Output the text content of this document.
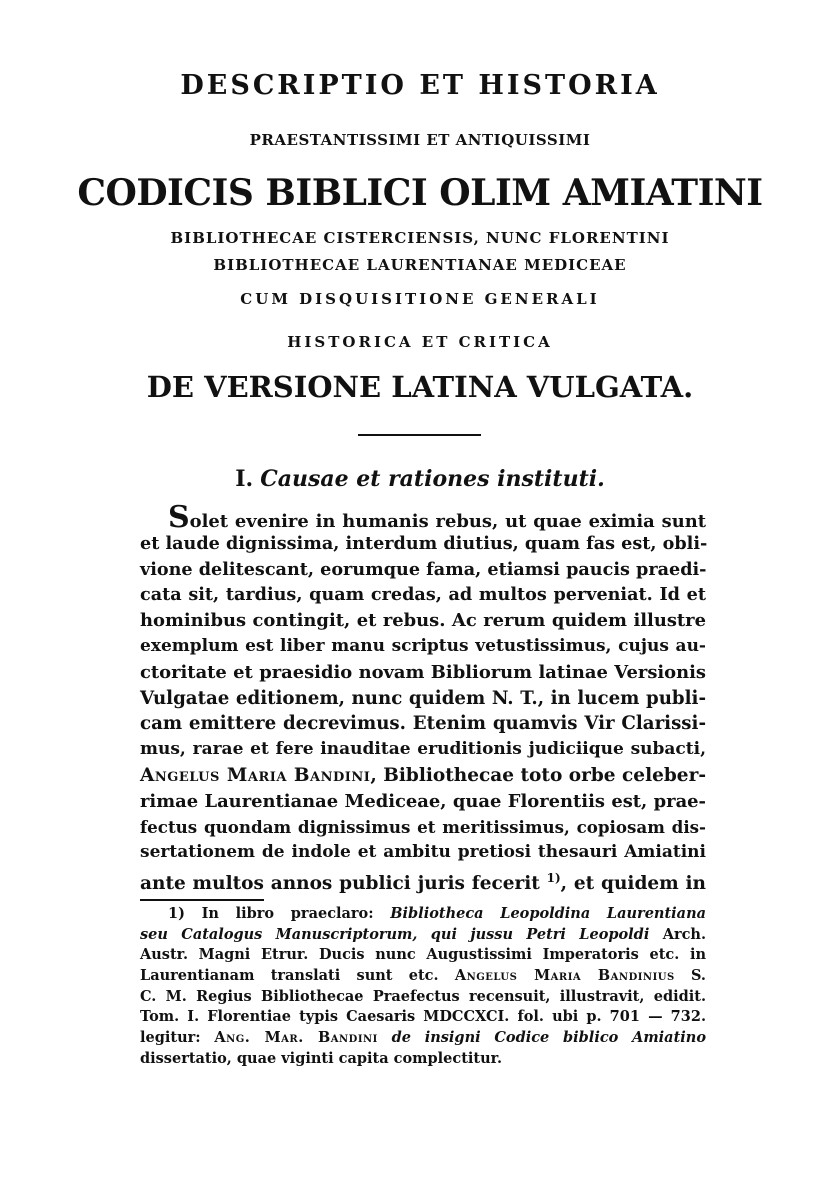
DESCRIPTIO ET HISTORIA
PRAESTANTISSIMI ET ANTIQUISSIMI
CODICIS BIBLICI OLIM AMIATINI
BIBLIOTHECAE CISTERCIENSIS, NUNC FLORENTINI
BIBLIOTHECAE LAURENTIANAE MEDICEAE
CUM DISQUISITIONE GENERALI
HISTORICA ET CRITICA
DE VERSIONE LATINA VULGATA.
I. Causae et rationes instituti.
Solet evenire in humanis rebus, ut quae eximia sunt
et laude dignissima, interdum diutius, quam fas est, obli-
vione delitescant, eorumque fama, etiamsi paucis praedi-
cata sit, tardius, quam credas, ad multos perveniat. Id et
hominibus contingit, et rebus. Ac rerum quidem illustre
exemplum est liber manu scriptus vetustissimus, cujus au-
ctoritate et praesidio novam Bibliorum latinae Versionis
Vulgatae editionem, nunc quidem N. T., in lucem publi-
cam emittere decrevimus. Etenim quamvis Vir Clarissi-
mus, rarae et fere inauditae eruditionis judiciique subacti,
Angelus Maria Bandini, Bibliothecae toto orbe celeber-
rimae Laurentianae Mediceae, quae Florentiis est, prae-
fectus quondam dignissimus et meritissimus, copiosam dis-
sertationem de indole et ambitu pretiosi thesauri Amiatini
ante multos annos publici juris fecerit $^{1)}$, et quidem in
1) In libro praeclaro: Bibliotheca Leopoldina Laurentiana
seu Catalogus Manuscriptorum, qui jussu Petri Leopoldi Arch.
Austr. Magni Etrur. Ducis nunc Augustissimi Imperatoris etc. in
Laurentianam translati sunt etc. Angelus Maria Bandinius S.
C. M. Regius Bibliothecae Praefectus recensuit, illustravit, edidit.
Tom. I. Florentiae typis Caesaris MDCCXCI. fol. ubi p. 701 — 732.
legitur: Ang. Mar. Bandini de insigni Codice biblico Amiatino
dissertatio, quae viginti capita complectitur.
